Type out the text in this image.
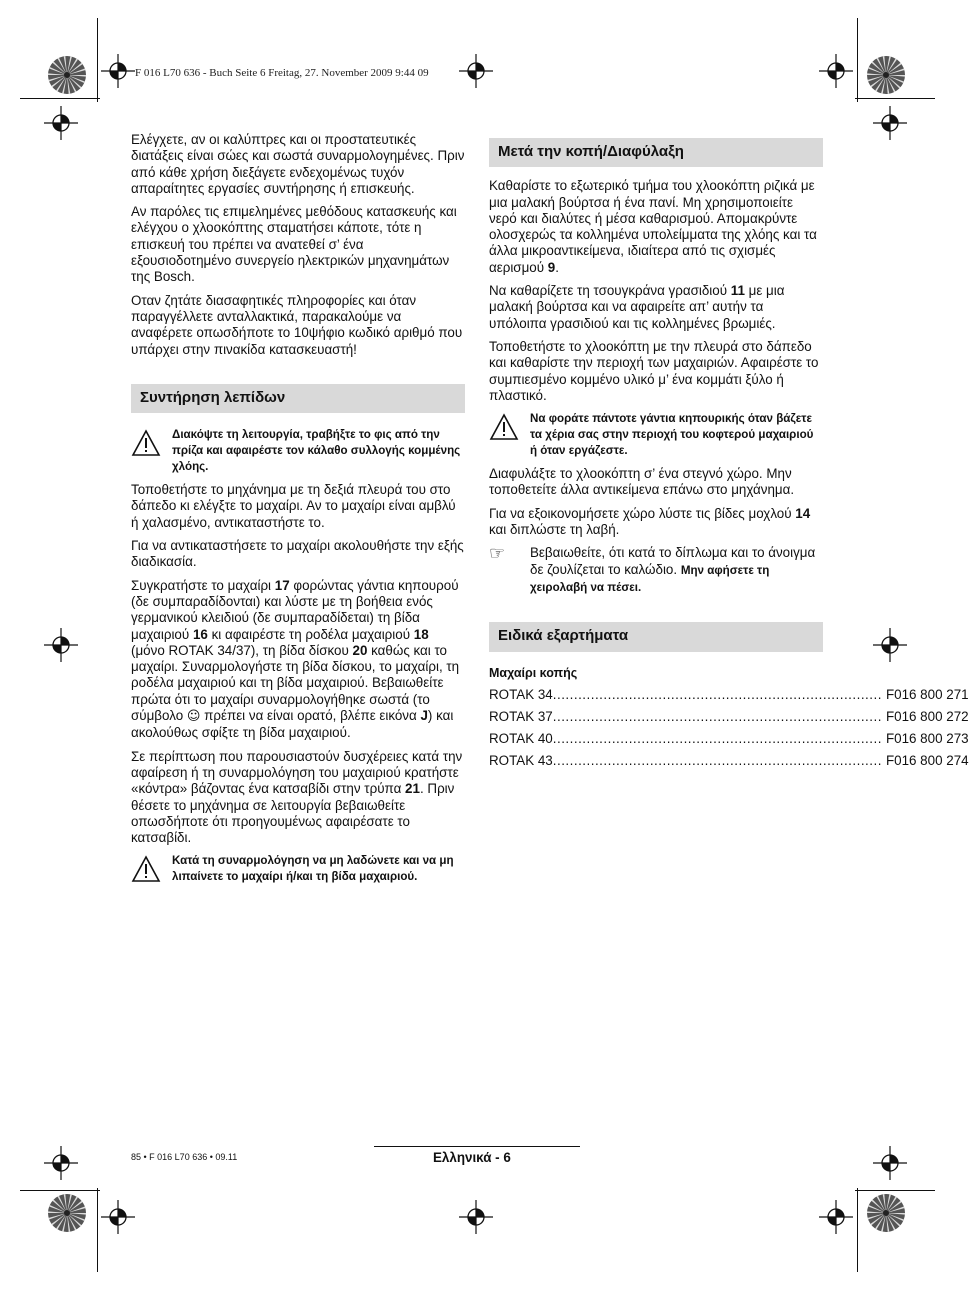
F 016 L70 636 - Buch Seite 6 Freitag, 27. November 2009 9:44 09

Ελέγχετε, αν οι καλύπτρες και οι προστατευτικές διατάξεις είναι σώες και σωστά συναρμολογημένες. Πριν από κάθε χρήση διεξάγετε ενδεχομένως τυχόν απαραίτητες εργασίες συντήρησης ή επισκευής.

Αν παρόλες τις επιμελημένες μεθόδους κατασκευής και ελέγχου ο χλοοκόπτης σταματήσει κάποτε, τότε η επισκευή του πρέπει να ανατεθεί σ’ ένα εξουσιοδοτημένο συνεργείο ηλεκτρικών μηχανημάτων της Bosch.

Οταν ζητάτε διασαφητικές πληροφορίες και όταν παραγγέλλετε ανταλλακτικά, παρακαλούμε να αναφέρετε οπωσδήποτε το 10ψήφιο κωδικό αριθμό που υπάρχει στην πινακίδα κατασκευαστή!

Συντήρηση λεπίδων
Διακόψτε τη λειτουργία, τραβήξτε το φις από την πρίζα και αφαιρέστε τον κάλαθο συλλογής κομμένης χλόης.

Τοποθετήστε το μηχάνημα με τη δεξιά πλευρά του στο δάπεδο κι ελέγξτε το μαχαίρι. Αν το μαχαίρι είναι αμβλύ ή χαλασμένο, αντικαταστήστε το.

Για να αντικαταστήσετε το μαχαίρι ακολουθήστε την εξής διαδικασία.

Συγκρατήστε το μαχαίρι 17 φορώντας γάντια κηπουρού (δε συμπαραδίδονται) και λύστε με τη βοήθεια ενός γερμανικού κλειδιού (δε συμπαραδίδεται) τη βίδα μαχαιριού 16 κι αφαιρέστε τη ροδέλα μαχαιριού 18 (μόνο ROTAK 34/37), τη βίδα δίσκου 20 καθώς και το μαχαίρι. Συναρμολογήστε τη βίδα δίσκου, το μαχαίρι, τη ροδέλα μαχαιριού και τη βίδα μαχαιριού. Βεβαιωθείτε πρώτα ότι το μαχαίρι συναρμολογήθηκε σωστά (το σύμβολο ☺ πρέπει να είναι ορατό, βλέπε εικόνα J) και ακολούθως σφίξτε τη βίδα μαχαιριού.

Σε περίπτωση που παρουσιαστούν δυσχέρειες κατά την αφαίρεση ή τη συναρμολόγηση του μαχαιριού κρατήστε «κόντρα» βάζοντας ένα κατσαβίδι στην τρύπα 21. Πριν θέσετε το μηχάνημα σε λειτουργία βεβαιωθείτε οπωσδήποτε ότι προηγουμένως αφαιρέσατε το κατσαβίδι.

Κατά τη συναρμολόγηση να μη λαδώνετε και να μη λιπαίνετε το μαχαίρι ή/και τη βίδα μαχαιριού.
Μετά την κοπή/Διαφύλαξη

Καθαρίστε το εξωτερικό τμήμα του χλοοκόπτη ριζικά με μια μαλακή βούρτσα ή ένα πανί. Μη χρησιμοποιείτε νερό και διαλύτες ή μέσα καθαρισμού. Απομακρύντε ολοσχερώς τα κολλημένα υπολείμματα της χλόης και τα άλλα μικροαντικείμενα, ιδιαίτερα από τις σχισμές αερισμού 9.

Να καθαρίζετε τη τσουγκράνα γρασιδιού 11 με μια μαλακή βούρτσα και να αφαιρείτε απ’ αυτήν τα υπόλοιπα γρασιδιού και τις κολλημένες βρωμιές.

Τοποθετήστε το χλοοκόπτη με την πλευρά στο δάπεδο και καθαρίστε την περιοχή των μαχαιριών. Αφαιρέστε το συμπιεσμένο κομμένο υλικό μ’ ένα κομμάτι ξύλο ή πλαστικό.

Να φοράτε πάντοτε γάντια κηπουρικής όταν βάζετε τα χέρια σας στην περιοχή του κοφτερού μαχαιριού ή όταν εργάζεστε.

Διαφυλάξτε το χλοοκόπτη σ’ ένα στεγνό χώρο. Μην τοποθετείτε άλλα αντικείμενα επάνω στο μηχάνημα.

Για να εξοικονομήσετε χώρο λύστε τις βίδες μοχλού 14 και διπλώστε τη λαβή.

☞	Βεβαιωθείτε, ότι κατά το δίπλωμα και το άνοιγμα δε ζουλίζεται το καλώδιο. Μην αφήσετε τη χειρολαβή να πέσει.
Ειδικά εξαρτήματα
Μαχαίρι κοπής
ROTAK 34 .............................................................................. F016 800 271
ROTAK 37 .............................................................................. F016 800 272
ROTAK 40 .............................................................................. F016 800 273
ROTAK 43 .............................................................................. F016 800 274
85 • F 016 L70 636 • 09.11	Ελληνικά - 6
